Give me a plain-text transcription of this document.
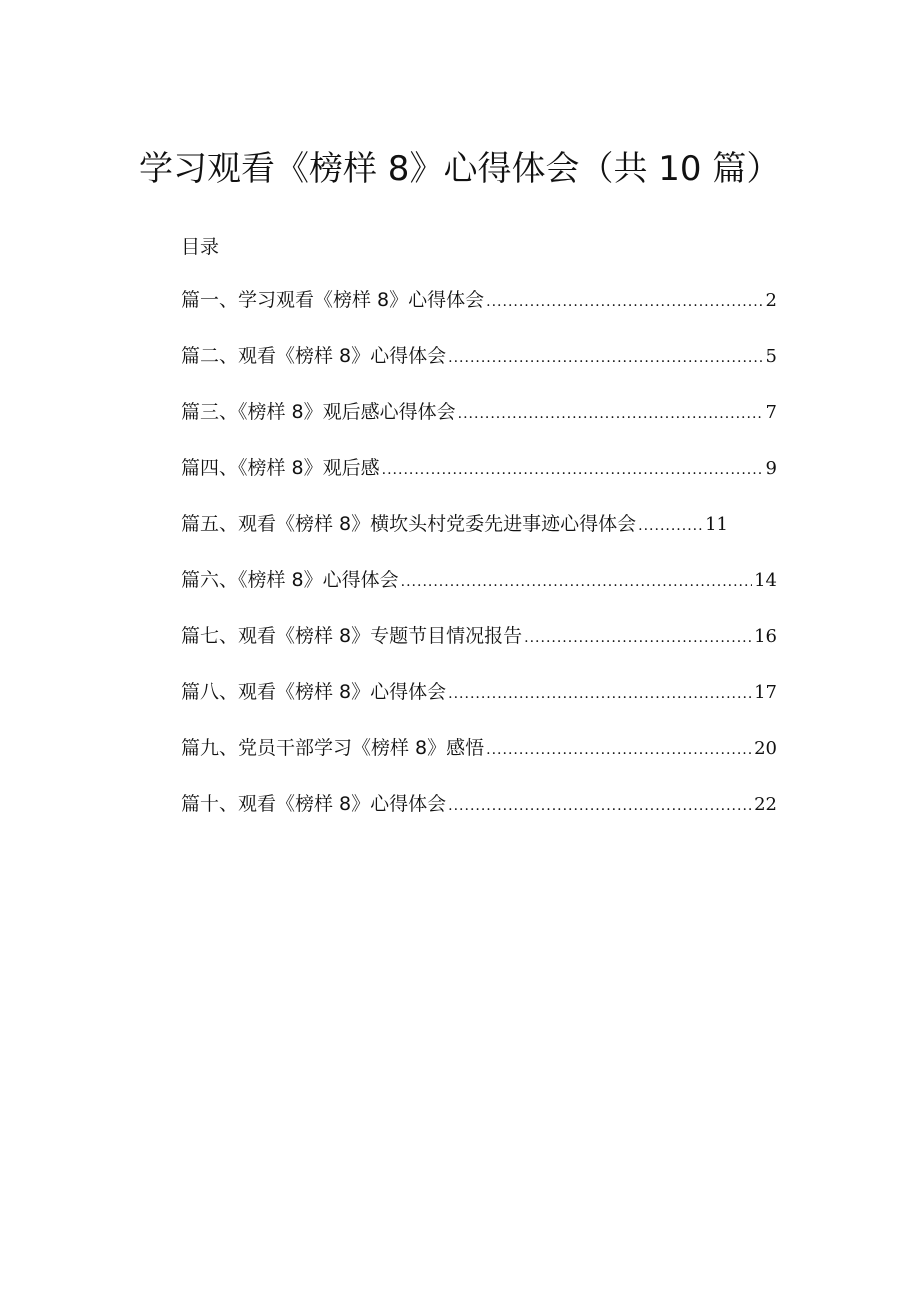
学习观看《榜样 8》心得体会（共 10 篇）
目录
篇一、学习观看《榜样 8》心得体会 .....	2
篇二、观看《榜样 8》心得体会 .....	5
篇三、《榜样 8》观后感心得体会 .....	7
篇四、《榜样 8》观后感 .....	9
篇五、观看《榜样 8》横坎头村党委先进事迹心得体会 .....	11
篇六、《榜样 8》心得体会 .....	14
篇七、观看《榜样 8》专题节目情况报告 .....	16
篇八、观看《榜样 8》心得体会 .....	17
篇九、党员干部学习《榜样 8》感悟 .....	20
篇十、观看《榜样 8》心得体会 .....	22
